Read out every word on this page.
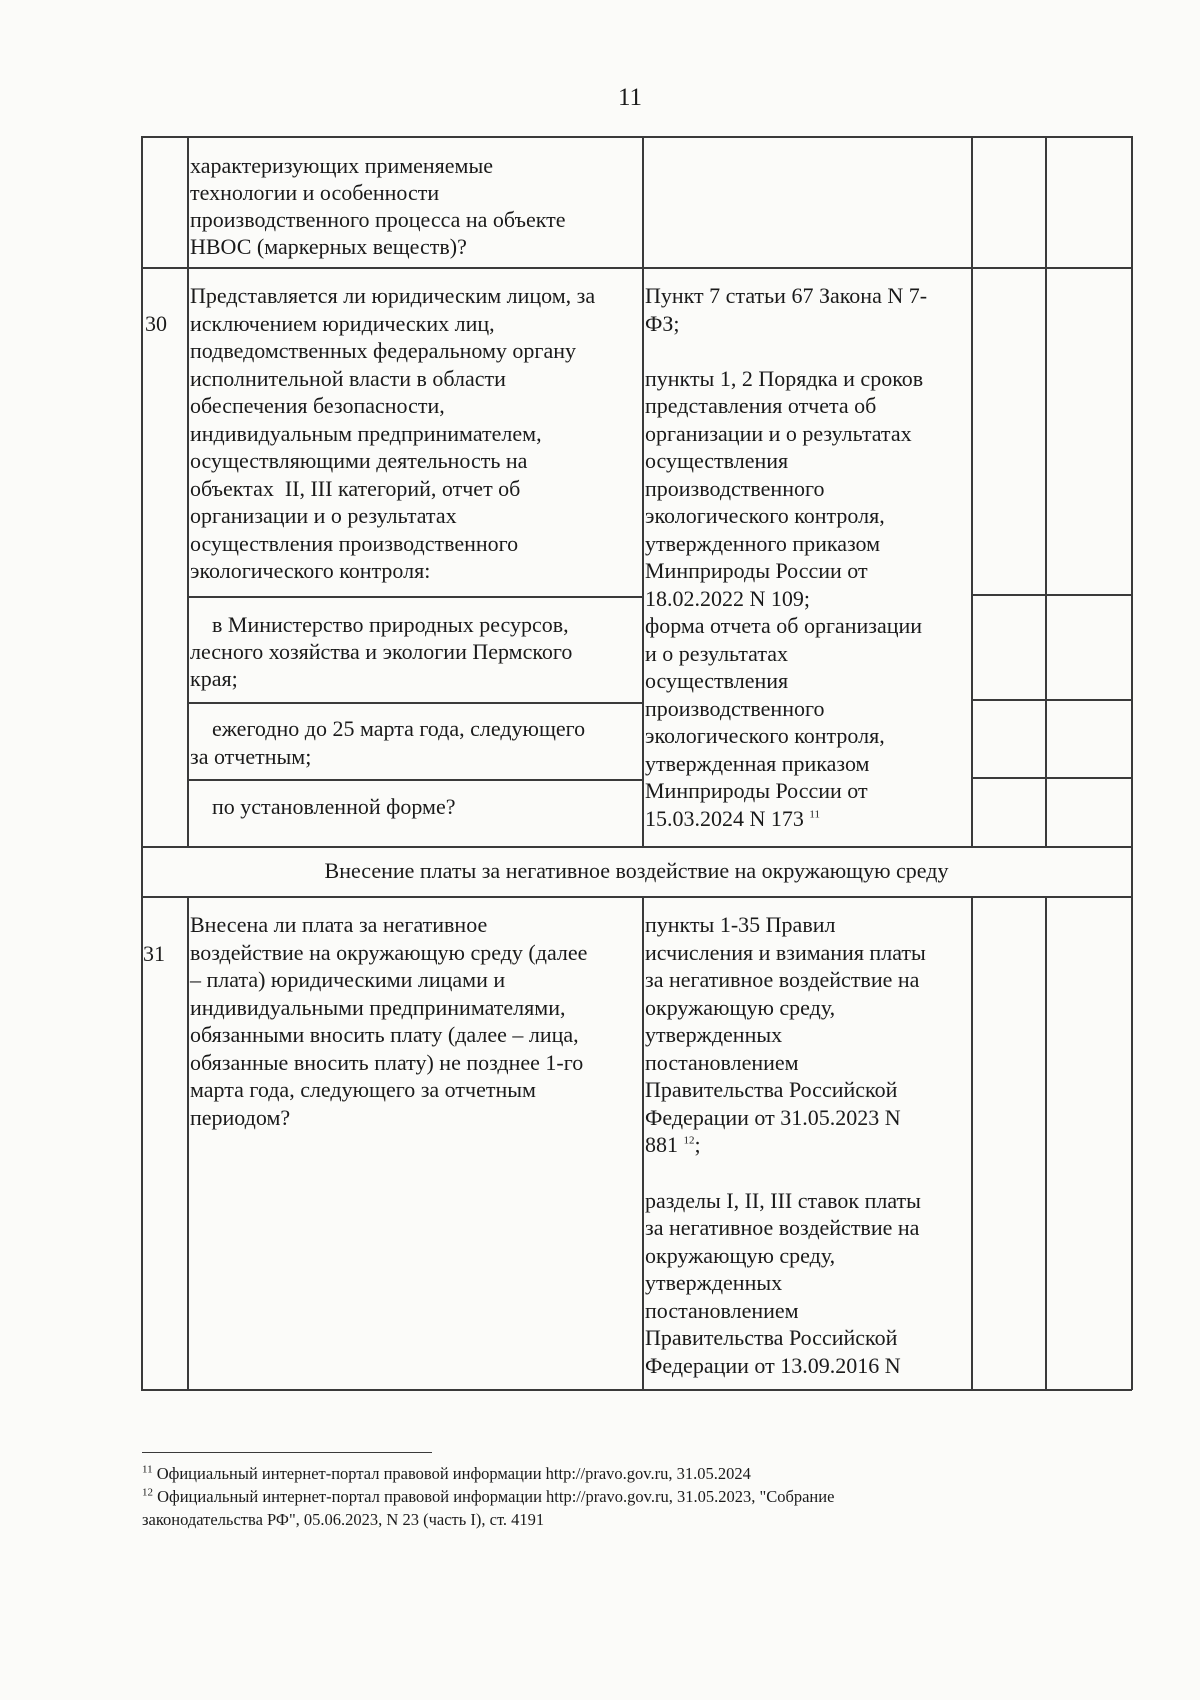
11
характеризующих применяемые
технологии и особенности
производственного процесса на объекте
НВОС (маркерных веществ)?
30
Представляется ли юридическим лицом, за
исключением юридических лиц,
подведомственных федеральному органу
исполнительной власти в области
обеспечения безопасности,
индивидуальным предпринимателем,
осуществляющими деятельность на
объектах  II, III категорий, отчет об
организации и о результатах
осуществления производственного
экологического контроля:
в Министерство природных ресурсов,
лесного хозяйства и экологии Пермского
края;
ежегодно до 25 марта года, следующего
за отчетным;
по установленной форме?
Пункт 7 статьи 67 Закона N 7-
ФЗ;
пункты 1, 2 Порядка и сроков
представления отчета об
организации и о результатах
осуществления
производственного
экологического контроля,
утвержденного приказом
Минприроды России от
18.02.2022 N 109;
форма отчета об организации
и о результатах
осуществления
производственного
экологического контроля,
утвержденная приказом
Минприроды России от
15.03.2024 N 173 $^{11}$
Внесение платы за негативное воздействие на окружающую среду
31
Внесена ли плата за негативное
воздействие на окружающую среду (далее
– плата) юридическими лицами и
индивидуальными предпринимателями,
обязанными вносить плату (далее – лица,
обязанные вносить плату) не позднее 1-го
марта года, следующего за отчетным
периодом?
пункты 1-35 Правил
исчисления и взимания платы
за негативное воздействие на
окружающую среду,
утвержденных
постановлением
Правительства Российской
Федерации от 31.05.2023 N
881 $^{12}$;
разделы I, II, III ставок платы
за негативное воздействие на
окружающую среду,
утвержденных
постановлением
Правительства Российской
Федерации от 13.09.2016 N
$^{11}$ Официальный интернет-портал правовой информации http://pravo.gov.ru, 31.05.2024
$^{12}$ Официальный интернет-портал правовой информации http://pravo.gov.ru, 31.05.2023, "Собрание
законодательства РФ", 05.06.2023, N 23 (часть I), ст. 4191
